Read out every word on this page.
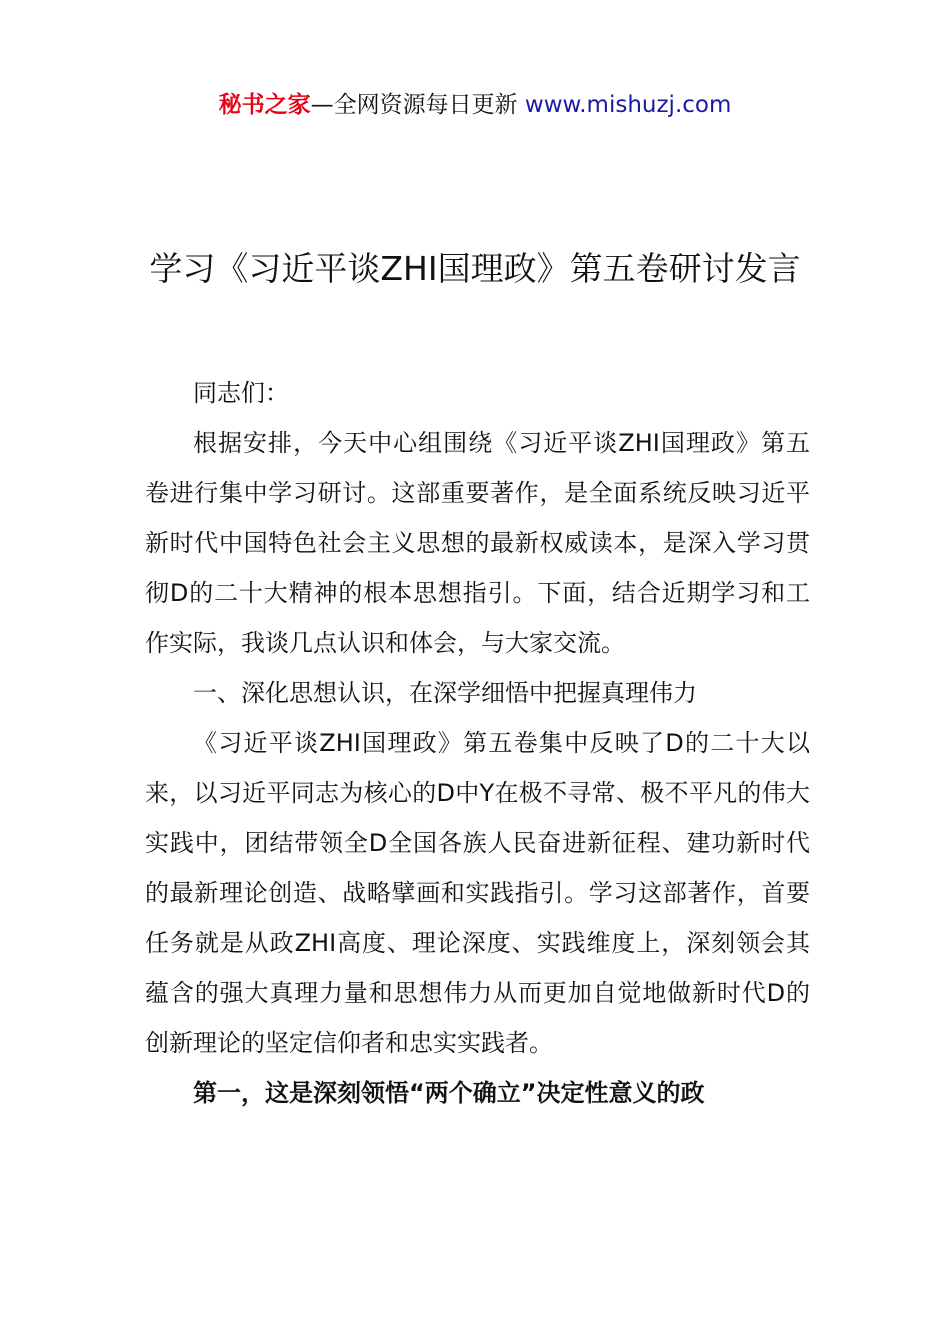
秘书之家—全网资源每日更新 www.mishuzj.com
学习《习近平谈ZHI国理政》第五卷研讨发言

同志们：

根据安排，今天中心组围绕《习近平谈ZHI国理政》第五卷进行集中学习研讨。这部重要著作，是全面系统反映习近平新时代中国特色社会主义思想的最新权威读本，是深入学习贯彻D的二十大精神的根本思想指引。下面，结合近期学习和工作实际，我谈几点认识和体会，与大家交流。

一、深化思想认识，在深学细悟中把握真理伟力

《习近平谈ZHI国理政》第五卷集中反映了D的二十大以来，以习近平同志为核心的D中Y在极不寻常、极不平凡的伟大实践中，团结带领全D全国各族人民奋进新征程、建功新时代的最新理论创造、战略擘画和实践指引。学习这部著作，首要任务就是从政ZHI高度、理论深度、实践维度上，深刻领会其蕴含的强大真理力量和思想伟力从而更加自觉地做新时代D的创新理论的坚定信仰者和忠实实践者。

第一，这是深刻领悟“两个确立”决定性意义的政
